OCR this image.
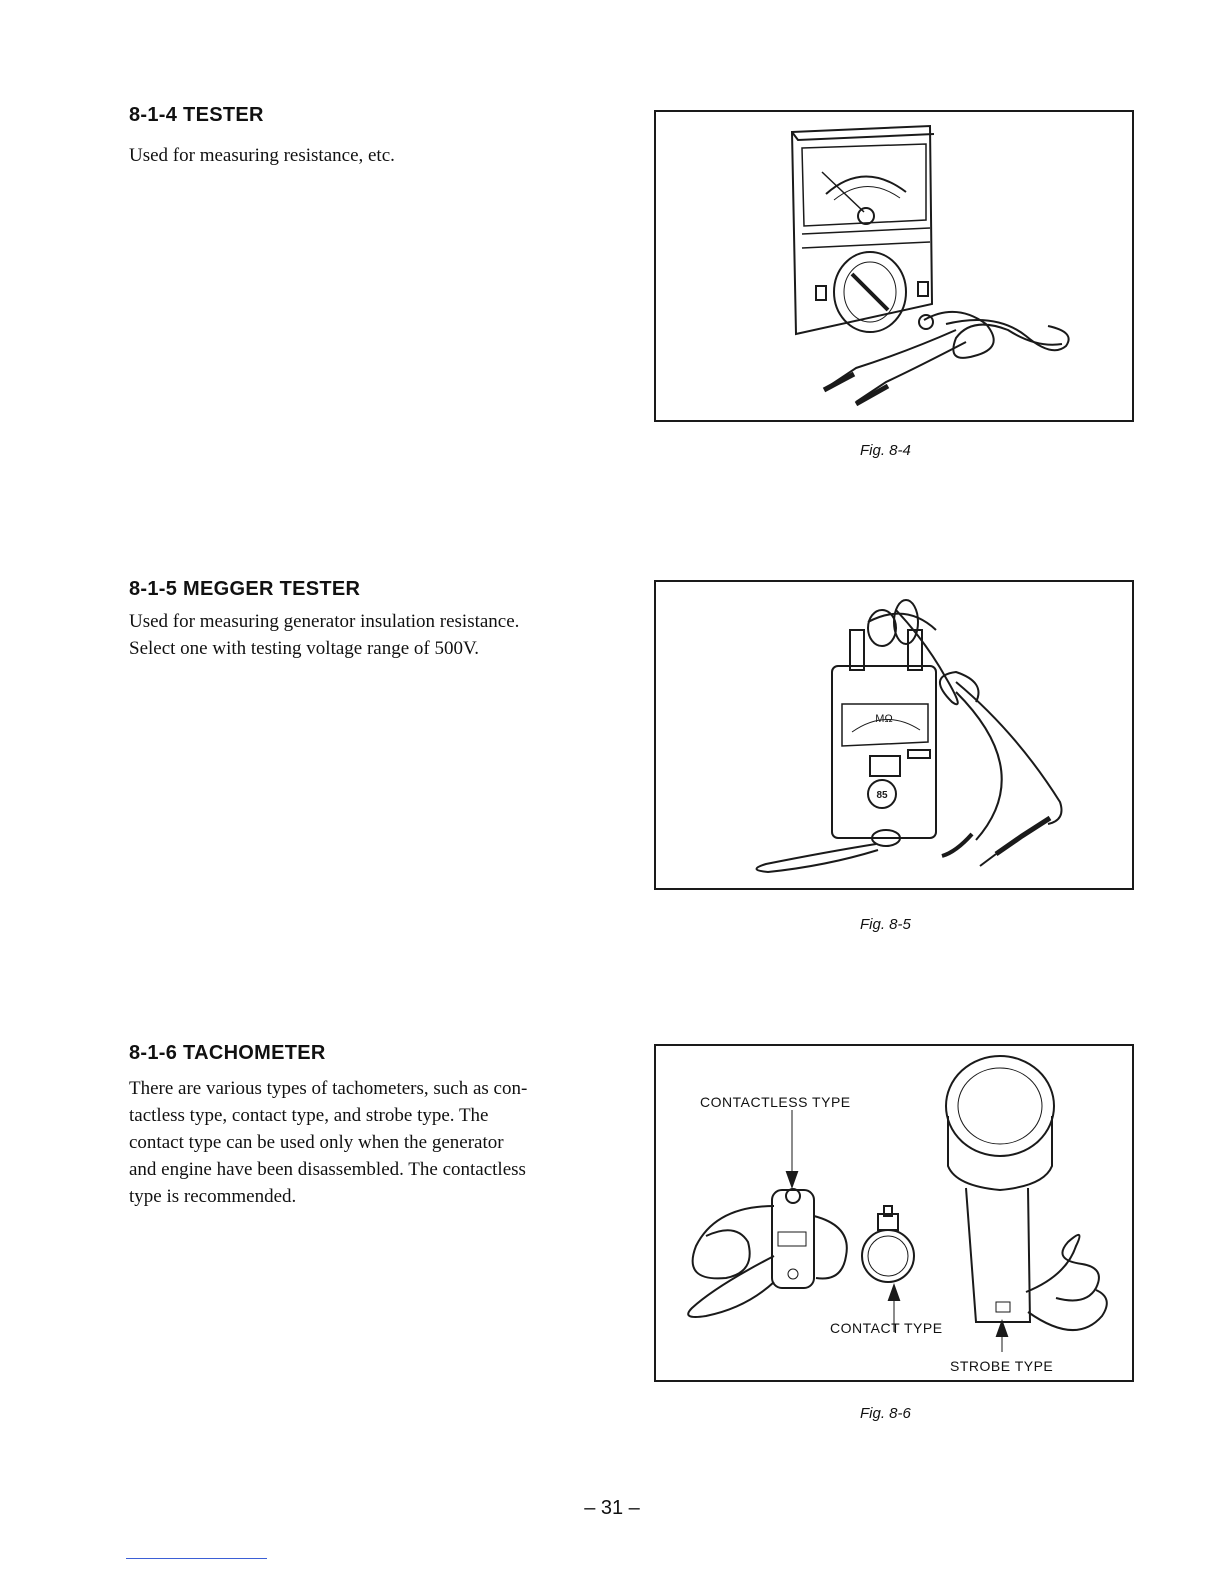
8-1-4 TESTER

Used for measuring resistance, etc.

Fig. 8-4

8-1-5 MEGGER TESTER

Used for measuring generator insulation resistance.

Select one with testing voltage range of 500V.

MΩ
85

Fig. 8-5

8-1-6 TACHOMETER

There are various types of tachometers, such as con-

tactless type, contact type, and strobe type. The

contact type can be used only when the generator

and engine have been disassembled. The contactless

type is recommended.

CONTACTLESS TYPE
CONTACT TYPE
STROBE TYPE

Fig. 8-6

– 31 –
